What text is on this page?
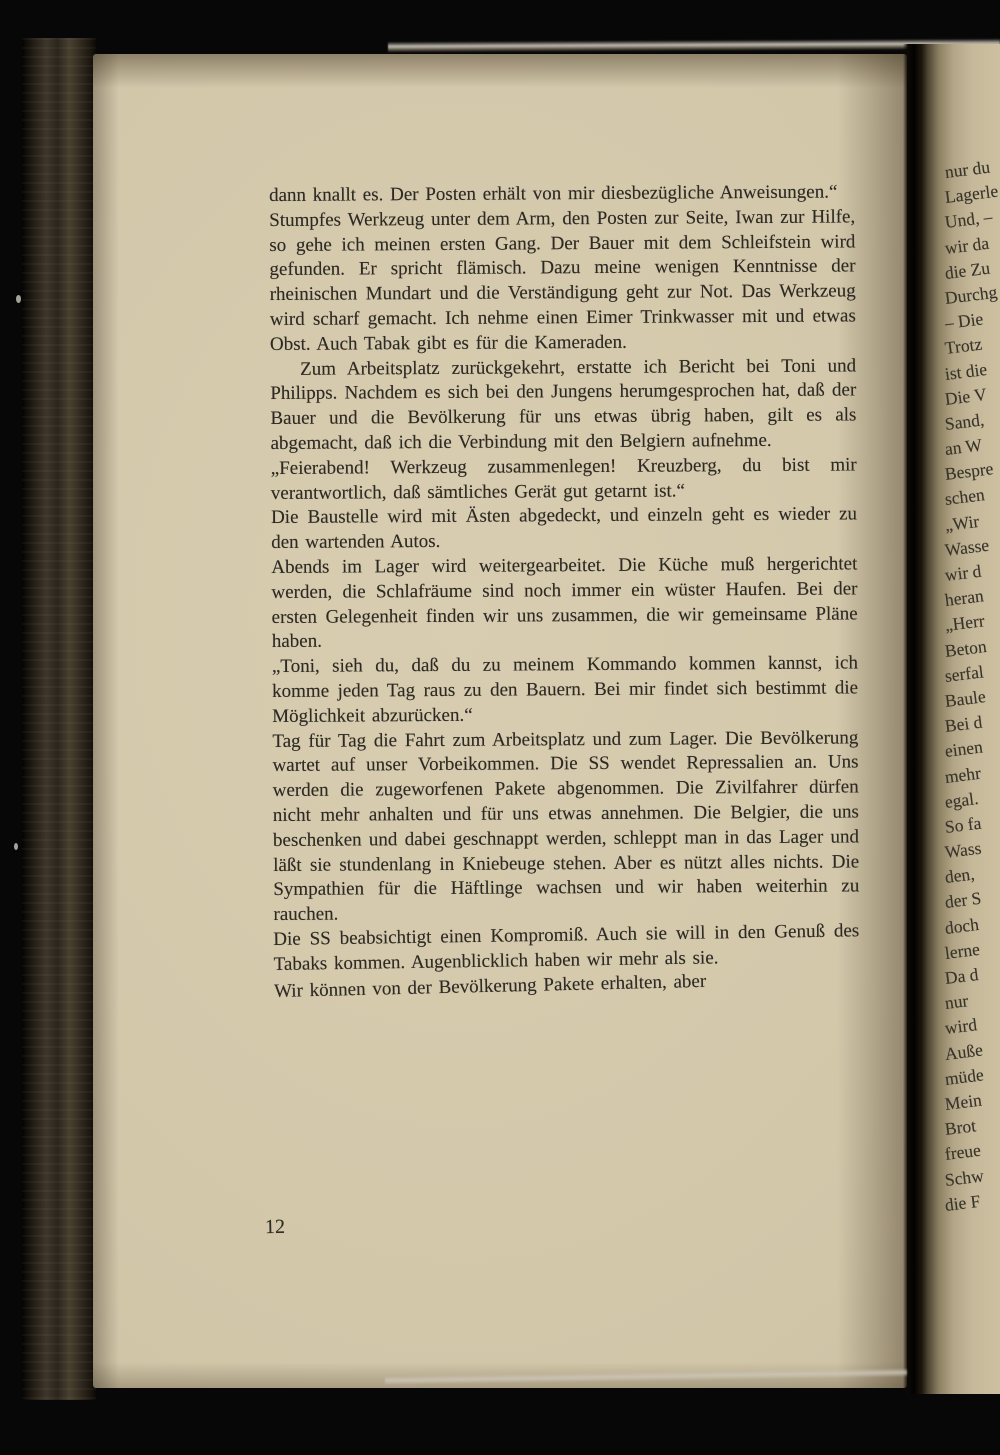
dann knallt es. Der Posten erhält von mir diesbezügliche Anweisungen.“

Stumpfes Werkzeug unter dem Arm, den Posten zur Seite, Iwan zur Hilfe, so gehe ich meinen ersten Gang. Der Bauer mit dem Schleifstein wird gefunden. Er spricht flämisch. Dazu meine wenigen Kenntnisse der rheinischen Mundart und die Verständigung geht zur Not. Das Werkzeug wird scharf gemacht. Ich nehme einen Eimer Trinkwasser mit und etwas Obst. Auch Tabak gibt es für die Kameraden.

Zum Arbeitsplatz zurückgekehrt, erstatte ich Bericht bei Toni und Philipps. Nachdem es sich bei den Jungens herumgesprochen hat, daß der Bauer und die Bevölkerung für uns etwas übrig haben, gilt es als abgemacht, daß ich die Verbindung mit den Belgiern aufnehme.

„Feierabend! Werkzeug zusammenlegen! Kreuzberg, du bist mir verantwortlich, daß sämtliches Gerät gut getarnt ist.“

Die Baustelle wird mit Ästen abgedeckt, und einzeln geht es wieder zu den wartenden Autos.

Abends im Lager wird weitergearbeitet. Die Küche muß hergerichtet werden, die Schlafräume sind noch immer ein wüster Haufen. Bei der ersten Gelegenheit finden wir uns zusammen, die wir gemeinsame Pläne haben.

„Toni, sieh du, daß du zu meinem Kommando kommen kannst, ich komme jeden Tag raus zu den Bauern. Bei mir findet sich bestimmt die Möglichkeit abzurücken.“

Tag für Tag die Fahrt zum Arbeitsplatz und zum Lager. Die Bevölkerung wartet auf unser Vorbeikommen. Die SS wendet Repressalien an. Uns werden die zugeworfenen Pakete abgenommen. Die Zivilfahrer dürfen nicht mehr anhalten und für uns etwas annehmen. Die Belgier, die uns beschenken und dabei geschnappt werden, schleppt man in das Lager und läßt sie stundenlang in Kniebeuge stehen. Aber es nützt alles nichts. Die Sympathien für die Häftlinge wachsen und wir haben weiterhin zu rauchen.

Die SS beabsichtigt einen Kompromiß. Auch sie will in den Genuß des Tabaks kommen. Augenblicklich haben wir mehr als sie.

Wir können von der Bevölkerung Pakete erhalten, aber

12
nur du
Lagerle
Und, –
wir da
die Zu
Durchg
– Die
Trotz
ist die
Die V
Sand,
an W
Bespre
schen
„Wir
Wasse
wir d
heran
„Herr
Beton
serfal
Baule
Bei d
einen
mehr
egal.
So fa
Wass
den,
der S
doch
lerne
Da d
nur
wird
Auße
müde
Mein
Brot
freue
Schw
die F
